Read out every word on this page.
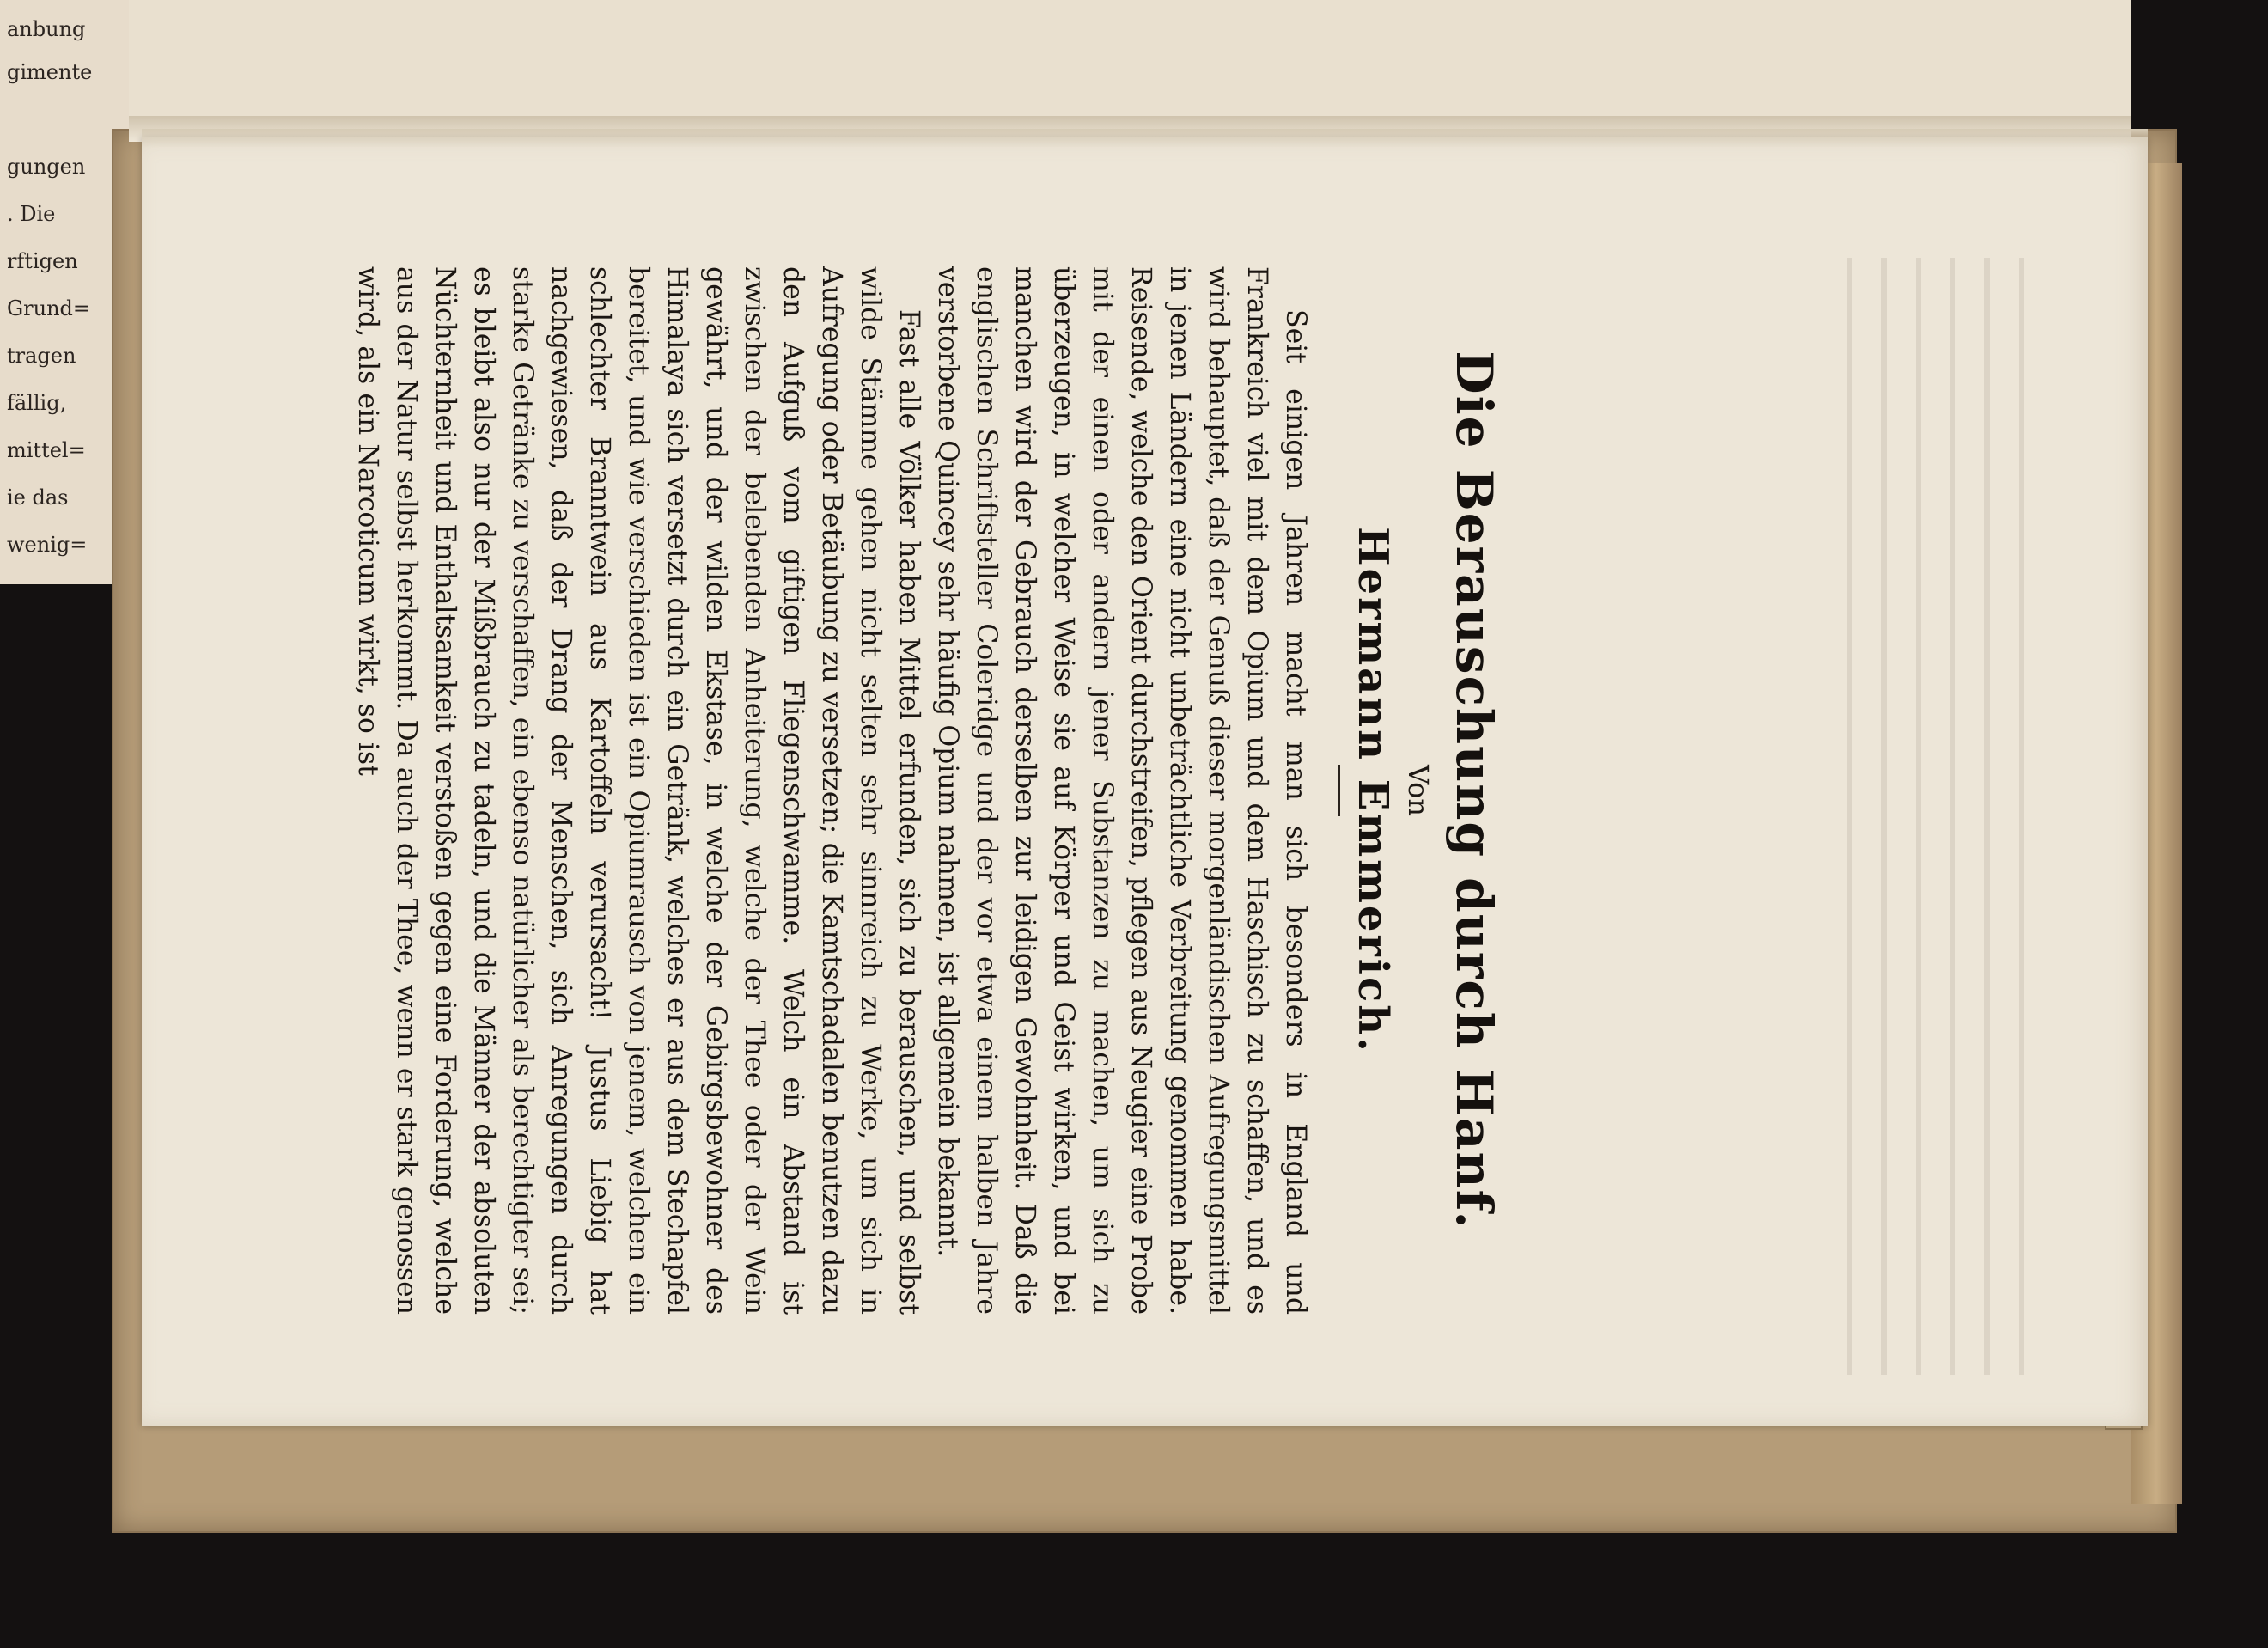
anbung
gimente
gungen
. Die
rftigen
Grund=
tragen
fällig,
mittel=
ie das
wenig=	Die Berauschung durch Hanf.
Von
Hermann Emmerich.

Seit einigen Jahren macht man sich besonders in England und Frankreich viel mit dem Opium und dem Haschisch zu schaffen, und es wird behauptet, daß der Genuß dieser morgenländischen Aufregungsmittel in jenen Ländern eine nicht unbeträchtliche Verbreitung genommen habe. Reisende, welche den Orient durchstreifen, pflegen aus Neugier eine Probe mit der einen oder andern jener Substanzen zu machen, um sich zu überzeugen, in welcher Weise sie auf Körper und Geist wirken, und bei manchen wird der Gebrauch derselben zur leidigen Gewohnheit. Daß die englischen Schriftsteller Coleridge und der vor etwa einem halben Jahre verstorbene Quincey sehr häufig Opium nahmen, ist allgemein bekannt.

Fast alle Völker haben Mittel erfunden, sich zu berauschen, und selbst wilde Stämme gehen nicht selten sehr sinnreich zu Werke, um sich in Aufregung oder Betäubung zu versetzen; die Kamtschadalen benutzen dazu den Aufguß vom giftigen Fliegenschwamme. Welch ein Abstand ist zwischen der belebenden Anheiterung, welche der Thee oder der Wein gewährt, und der wilden Ekstase, in welche der Gebirgsbewohner des Himalaya sich versetzt durch ein Getränk, welches er aus dem Stechapfel bereitet, und wie verschieden ist ein Opiumrausch von jenem, welchen ein schlechter Branntwein aus Kartoffeln verursacht! Justus Liebig hat nachgewiesen, daß der Drang der Menschen, sich Anregungen durch starke Getränke zu verschaffen, ein ebenso natürlicher als berechtigter sei; es bleibt also nur der Mißbrauch zu tadeln, und die Männer der absoluten Nüchternheit und Enthaltsamkeit verstoßen gegen eine Forderung, welche aus der Natur selbst herkommt. Da auch der Thee, wenn er stark genossen wird, als ein Narcoticum wirkt, so ist
